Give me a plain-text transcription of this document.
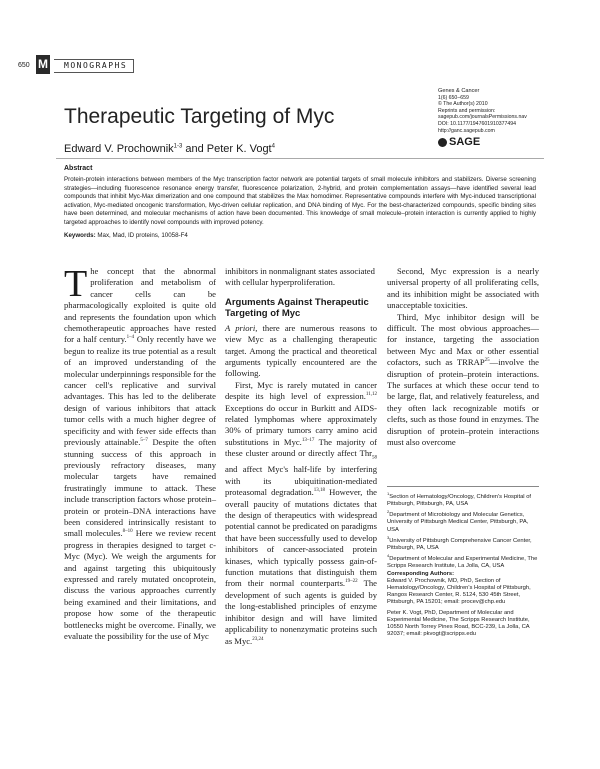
650 M	MONOGRAPHS
Genes & Cancer
1(6) 650–659
© The Author(s) 2010
Reprints and permission:
sagepub.com/journalsPermissions.nav
DOI: 10.1177/1947601910377494
http://ganc.sagepub.com
SAGE
Therapeutic Targeting of Myc
Edward V. Prochownik$^{1-3}$ and Peter K. Vogt$^4$
Abstract
Protein-protein interactions between members of the Myc transcription factor network are potential targets of small molecule inhibitors and stabilizers. Diverse screening strategies—including fluorescence resonance energy transfer, fluorescence polarization, 2-hybrid, and protein complementation assays—have identified several lead compounds that inhibit Myc-Max dimerization and one compound that stabilizes the Max homodimer. Representative compounds interfere with Myc-induced transcriptional activation, Myc-mediated oncogenic transformation, Myc-driven cellular replication, and DNA binding of Myc. For the best-characterized compounds, specific binding sites have been determined, and molecular mechanisms of action have been documented. This knowledge of small molecule–protein interaction is currently applied to highly targeted approaches to identify novel compounds with improved potency.
Keywords: Max, Mad, ID proteins, 10058-F4

The concept that the abnormal proliferation and metabolism of cancer cells can be pharmacologically exploited is quite old and represents the foundation upon which chemotherapeutic approaches have rested for a half century.$^{1-4}$ Only recently have we begun to realize its true potential as a result of an improved understanding of the molecular underpinnings responsible for the cancer cell's replicative and survival advantages. This has led to the deliberate design of various inhibitors that attack tumor cells with a much higher degree of specificity and with fewer side effects than previously attainable.$^{5-7}$ Despite the often stunning success of this approach in previously refractory diseases, many molecular targets have remained frustratingly immune to attack. These include transcription factors whose protein–protein or protein–DNA interactions have been considered intrinsically resistant to small molecules.$^{8-10}$ Here we review recent progress in therapies designed to target c-Myc (Myc). We weigh the arguments for and against targeting this ubiquitously expressed and rarely mutated oncoprotein, discuss the various approaches currently being examined and their limitations, and propose how some of the therapeutic bottlenecks might be overcome. Finally, we evaluate the possibility for the use of Myc

inhibitors in nonmalignant states associated with cellular hyperproliferation.

Arguments Against Therapeutic Targeting of Myc

A priori, there are numerous reasons to view Myc as a challenging therapeutic target. Among the practical and theoretical arguments typically encountered are the following.

First, Myc is rarely mutated in cancer despite its high level of expression.$^{11,12}$ Exceptions do occur in Burkitt and AIDS-related lymphomas where approximately 30% of primary tumors carry amino acid substitutions in Myc.$^{13-17}$ The majority of these cluster around or directly affect Thr$_{58}$ and affect Myc's half-life by interfering with its ubiquitination-mediated proteasomal degradation.$^{13,18}$ However, the overall paucity of mutations dictates that the design of therapeutics with widespread potential cannot be predicated on paradigms that have been successfully used to develop inhibitors of cancer-associated protein kinases, which typically possess gain-of-function mutations that distinguish them from their normal counterparts.$^{19-22}$ The development of such agents is guided by the long-established principles of enzyme inhibitor design and will have limited applicability to nonenzymatic proteins such as Myc.$^{23,24}$

Second, Myc expression is a nearly universal property of all proliferating cells, and its inhibition might be associated with unacceptable toxicities.

Third, Myc inhibitor design will be difficult. The most obvious approaches—for instance, targeting the association between Myc and Max or other essential cofactors, such as TRRAP$^{25}$—involve the disruption of protein–protein interactions. The surfaces at which these occur tend to be large, flat, and relatively featureless, and they often lack recognizable motifs or clefts, such as those found in enzymes. The disruption of protein–protein interactions must also overcome

$^1$Section of Hematology/Oncology, Children's Hospital of Pittsburgh, Pittsburgh, PA, USA

$^2$Department of Microbiology and Molecular Genetics, University of Pittsburgh Medical Center, Pittsburgh, PA, USA

$^3$University of Pittsburgh Comprehensive Cancer Center, Pittsburgh, PA, USA

$^4$Department of Molecular and Experimental Medicine, The Scripps Research Institute, La Jolla, CA, USA

Corresponding Authors:

Edward V. Prochownik, MD, PhD, Section of Hematology/Oncology, Children's Hospital of Pittsburgh, Rangos Research Center, R. 5124, 530 45th Street, Pittsburgh, PA 15201; email: procev@chp.edu

Peter K. Vogt, PhD, Department of Molecular and Experimental Medicine, The Scripps Research Institute, 10550 North Torrey Pines Road, BCC-239, La Jolla, CA 92037; email: pkvogt@scripps.edu
